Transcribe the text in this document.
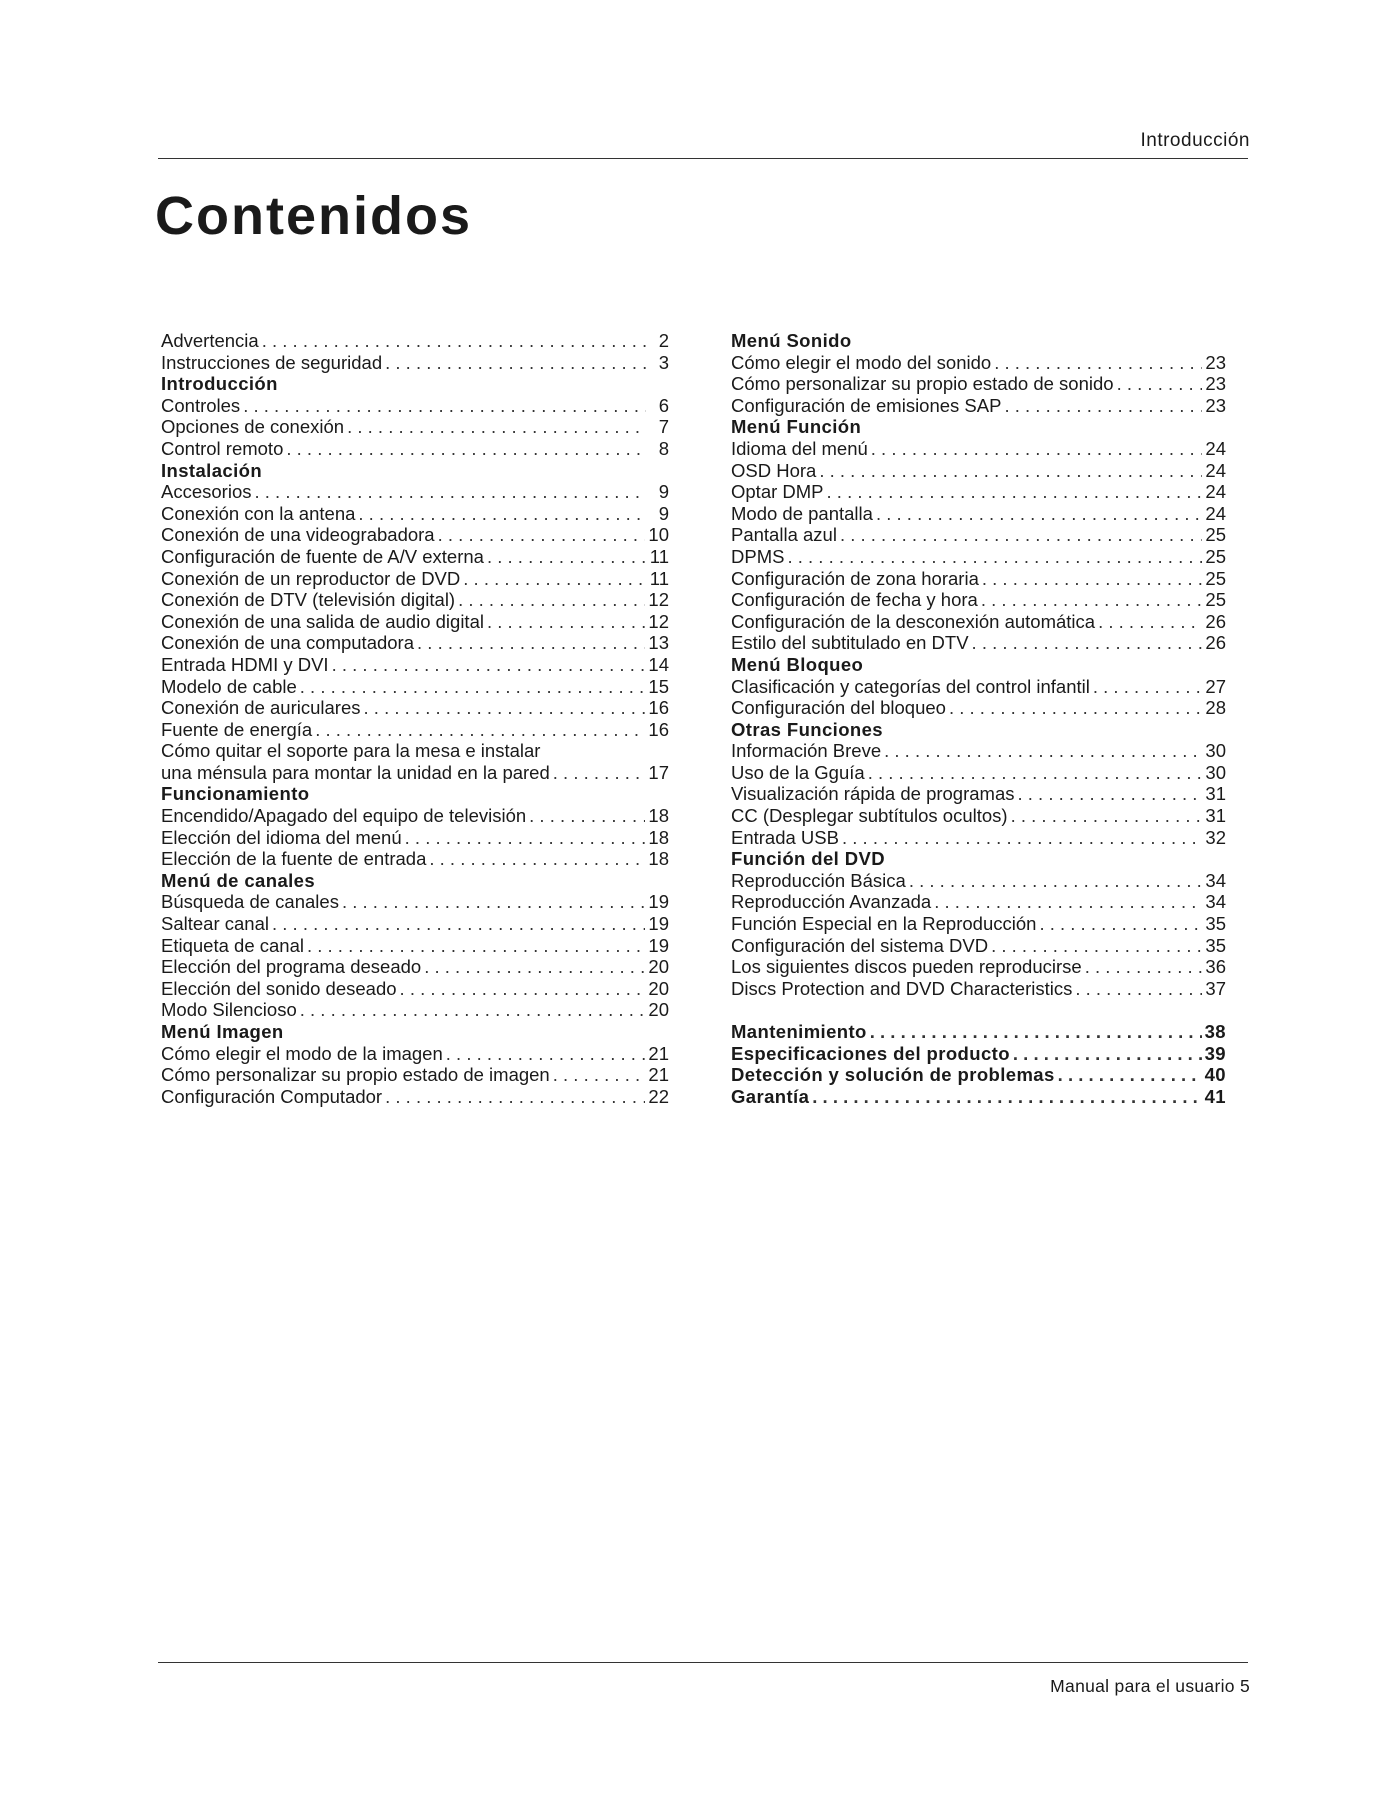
Introducción
Contenidos
Advertencia . . .	2
Instrucciones de seguridad . . .	3
Introducción
Controles . . .	6
Opciones de conexión . . .	7
Control remoto . . .	8
Instalación
Accesorios . . .	9
Conexión con la antena . . .	9
Conexión de una videograbadora . . .	10
Configuración de fuente de A/V externa . . .	11
Conexión de un reproductor de DVD . . .	11
Conexión de DTV (televisión digital) . . .	12
Conexión de una salida de audio digital . . .	12
Conexión de una computadora . . .	13
Entrada HDMI y DVI . . .	14
Modelo de cable . . .	15
Conexión de auriculares . . .	16
Fuente de energía . . .	16
Cómo quitar el soporte para la mesa e instalar
una ménsula para montar la unidad en la pared . . .	17
Funcionamiento
Encendido/Apagado del equipo de televisión . . .	18
Elección del idioma del menú . . .	18
Elección de la fuente de entrada . . .	18
Menú de canales
Búsqueda de canales . . .	19
Saltear canal . . .	19
Etiqueta de canal . . .	19
Elección del programa deseado . . .	20
Elección del sonido deseado . . .	20
Modo Silencioso . . .	20
Menú Imagen
Cómo elegir el modo de la imagen . . .	21
Cómo personalizar su propio estado de imagen . . .	21
Configuración Computador . . .	22
Menú Sonido
Cómo elegir el modo del sonido . . .	23
Cómo personalizar su propio estado de sonido . . .	23
Configuración de emisiones SAP . . .	23
Menú Función
Idioma del menú . . .	24
OSD Hora . . .	24
Optar DMP . . .	24
Modo de pantalla . . .	24
Pantalla azul . . .	25
DPMS . . .	25
Configuración de zona horaria . . .	25
Configuración de fecha y hora . . .	25
Configuración de la desconexión automática . . .	26
Estilo del subtitulado en DTV . . .	26
Menú Bloqueo
Clasificación y categorías del control infantil . . .	27
Configuración del bloqueo . . .	28
Otras Funciones
Información Breve . . .	30
Uso de la Gguía . . .	30
Visualización rápida de programas . . .	31
CC (Desplegar subtítulos ocultos) . . .	31
Entrada USB . . .	32
Función del DVD
Reproducción Básica . . .	34
Reproducción Avanzada . . .	34
Función Especial en la Reproducción . . .	35
Configuración del sistema DVD . . .	35
Los siguientes discos pueden reproducirse . . .	36
Discs Protection and DVD Characteristics . . .	37
Mantenimiento . . .	38
Especificaciones del producto . . .	39
Detección y solución de problemas . . .	40
Garantía . . .	41
Manual para el usuario 5
